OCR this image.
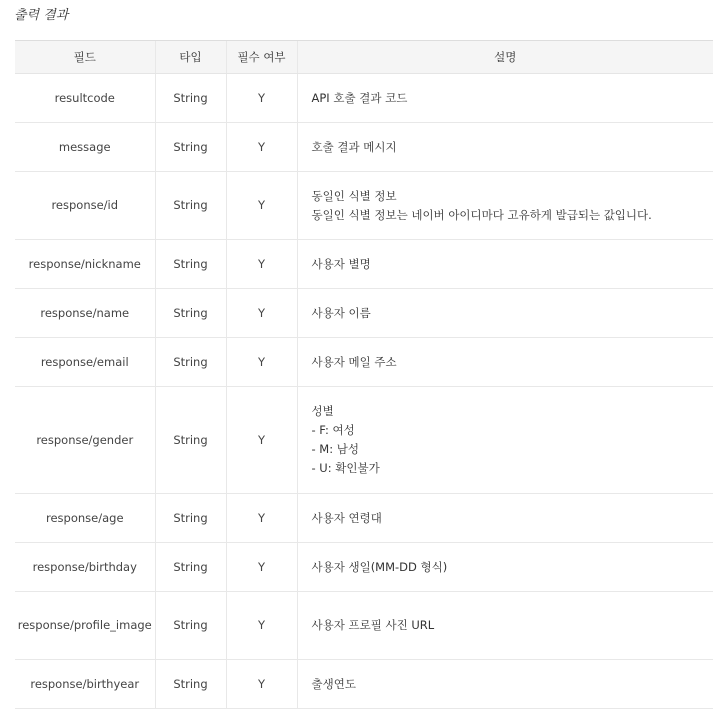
출력 결과
필드	타입	필수 여부	설명
resultcode	String	Y	API 호출 결과 코드

message	String	Y	호출 결과 메시지

response/id	String	Y	동일인 식별 정보
동일인 식별 정보는 네이버 아이디마다 고유하게 발급되는 값입니다.

response/nickname	String	Y	사용자 별명

response/name	String	Y	사용자 이름

response/email	String	Y	사용자 메일 주소

response/gender	String	Y	성별
- F: 여성
- M: 남성
- U: 확인불가

response/age	String	Y	사용자 연령대

response/birthday	String	Y	사용자 생일(MM-DD 형식)

response/profile_image	String	Y	사용자 프로필 사진 URL

response/birthyear	String	Y	출생연도
